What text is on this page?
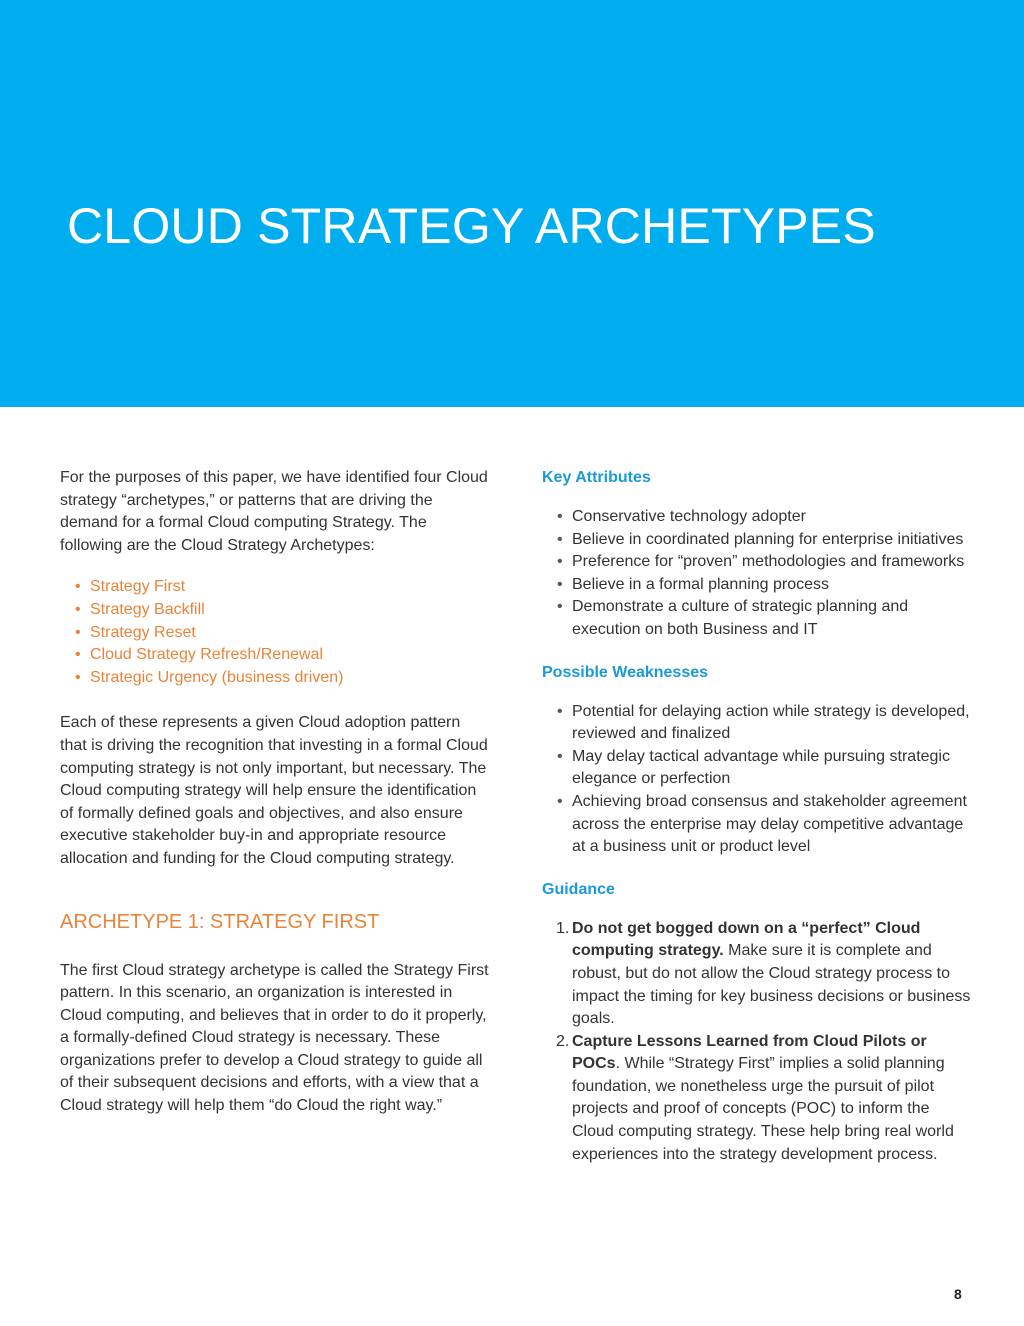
CLOUD STRATEGY ARCHETYPES

For the purposes of this paper, we have identified four Cloud strategy “archetypes,” or patterns that are driving the demand for a formal Cloud computing Strategy. The following are the Cloud Strategy Archetypes:

• Strategy First
• Strategy Backfill
• Strategy Reset
• Cloud Strategy Refresh/Renewal
• Strategic Urgency (business driven)

Each of these represents a given Cloud adoption pattern that is driving the recognition that investing in a formal Cloud computing strategy is not only important, but necessary. The Cloud computing strategy will help ensure the identification of formally defined goals and objectives, and also ensure executive stakeholder buy-in and appropriate resource allocation and funding for the Cloud computing strategy.

ARCHETYPE 1: STRATEGY FIRST

The first Cloud strategy archetype is called the Strategy First pattern. In this scenario, an organization is interested in Cloud computing, and believes that in order to do it properly, a formally-defined Cloud strategy is necessary. These organizations prefer to develop a Cloud strategy to guide all of their subsequent decisions and efforts, with a view that a Cloud strategy will help them “do Cloud the right way.”

Key Attributes
• Conservative technology adopter
• Believe in coordinated planning for enterprise initiatives
• Preference for “proven” methodologies and frameworks
• Believe in a formal planning process
• Demonstrate a culture of strategic planning and execution on both Business and IT
Possible Weaknesses
• Potential for delaying action while strategy is developed, reviewed and finalized
• May delay tactical advantage while pursuing strategic elegance or perfection
• Achieving broad consensus and stakeholder agreement across the enterprise may delay competitive advantage at a business unit or product level
Guidance
1. Do not get bogged down on a “perfect” Cloud computing strategy. Make sure it is complete and robust, but do not allow the Cloud strategy process to impact the timing for key business decisions or business goals.
2. Capture Lessons Learned from Cloud Pilots or POCs. While “Strategy First” implies a solid planning foundation, we nonetheless urge the pursuit of pilot projects and proof of concepts (POC) to inform the Cloud computing strategy. These help bring real world experiences into the strategy development process.
8
